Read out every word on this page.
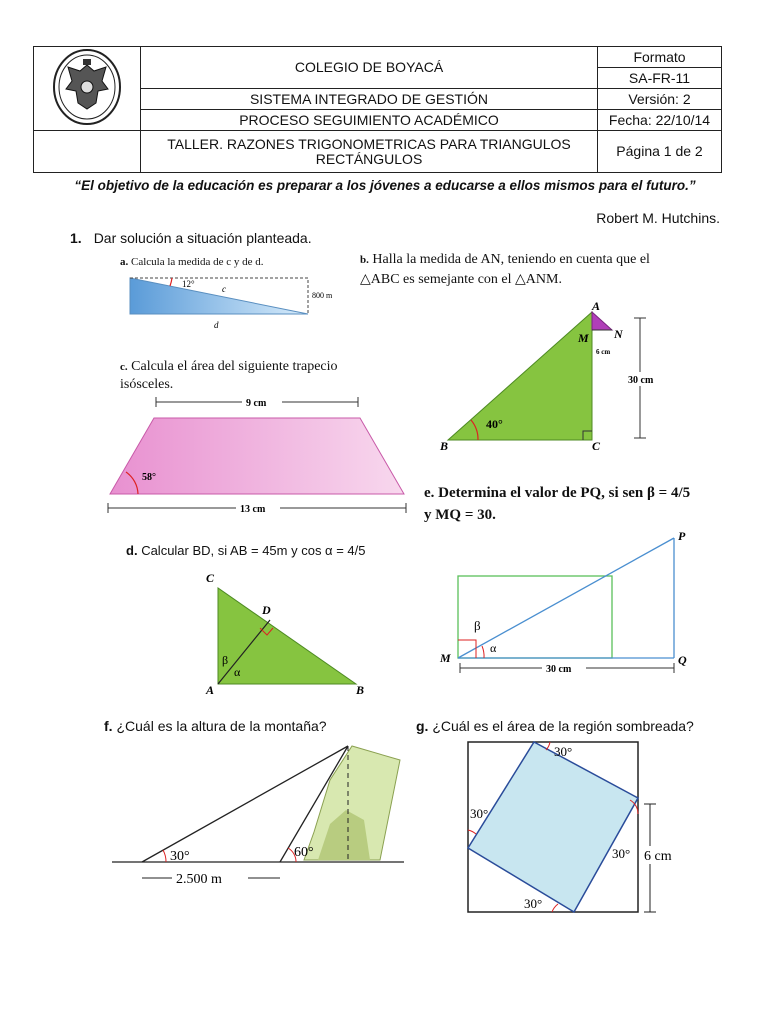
	COLEGIO DE BOYACÁ	Formato
		SA-FR-11
	SISTEMA INTEGRADO DE GESTIÓN	Versión: 2
	PROCESO SEGUIMIENTO ACADÉMICO	Fecha: 22/10/14
	TALLER. RAZONES TRIGONOMETRICAS PARA TRIANGULOS RECTÁNGULOS	Página 1 de 2
“El objetivo de la educación es preparar a los jóvenes a educarse a ellos mismos para el futuro.”
Robert M. Hutchins.
1. Dar solución a situación planteada.
a. Calcula la medida de c y de d.
12°	c
d
800 m
b. Halla la medida de AN, teniendo en cuenta que el △ABC es semejante con el △ANM.
40°
A
B	C
M N
6 cm
30 cm
c. Calcula el área del siguiente trapecio isósceles.
9 cm
58°
13 cm
e. Determina el valor de PQ, si sen β = 4/5 y MQ = 30.
β
α
M
P
Q
30 cm
d. Calcular BD, si AB = 45m y cos α = 4/5
C
D
A	B
β
α
f. ¿Cuál es la altura de la montaña?
30°	60°
2.500 m
g. ¿Cuál es el área de la región sombreada?
30°
30°
30°
30°
6 cm
